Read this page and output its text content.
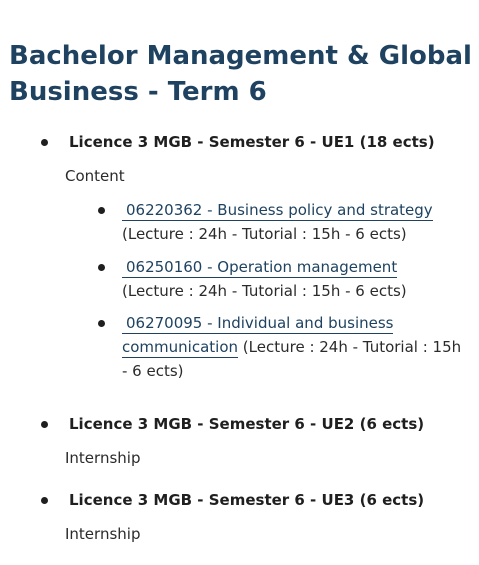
Bachelor Management & Global Business - Term 6
Licence 3 MGB - Semester 6 - UE1 (18 ects)
Content
06220362 - Business policy and strategy
(Lecture : 24h - Tutorial : 15h - 6 ects)
06250160 - Operation management
(Lecture : 24h - Tutorial : 15h - 6 ects)
06270095 - Individual and business
communication (Lecture : 24h - Tutorial : 15h - 6 ects)
Licence 3 MGB - Semester 6 - UE2 (6 ects)
Internship
Licence 3 MGB - Semester 6 - UE3 (6 ects)
Internship
